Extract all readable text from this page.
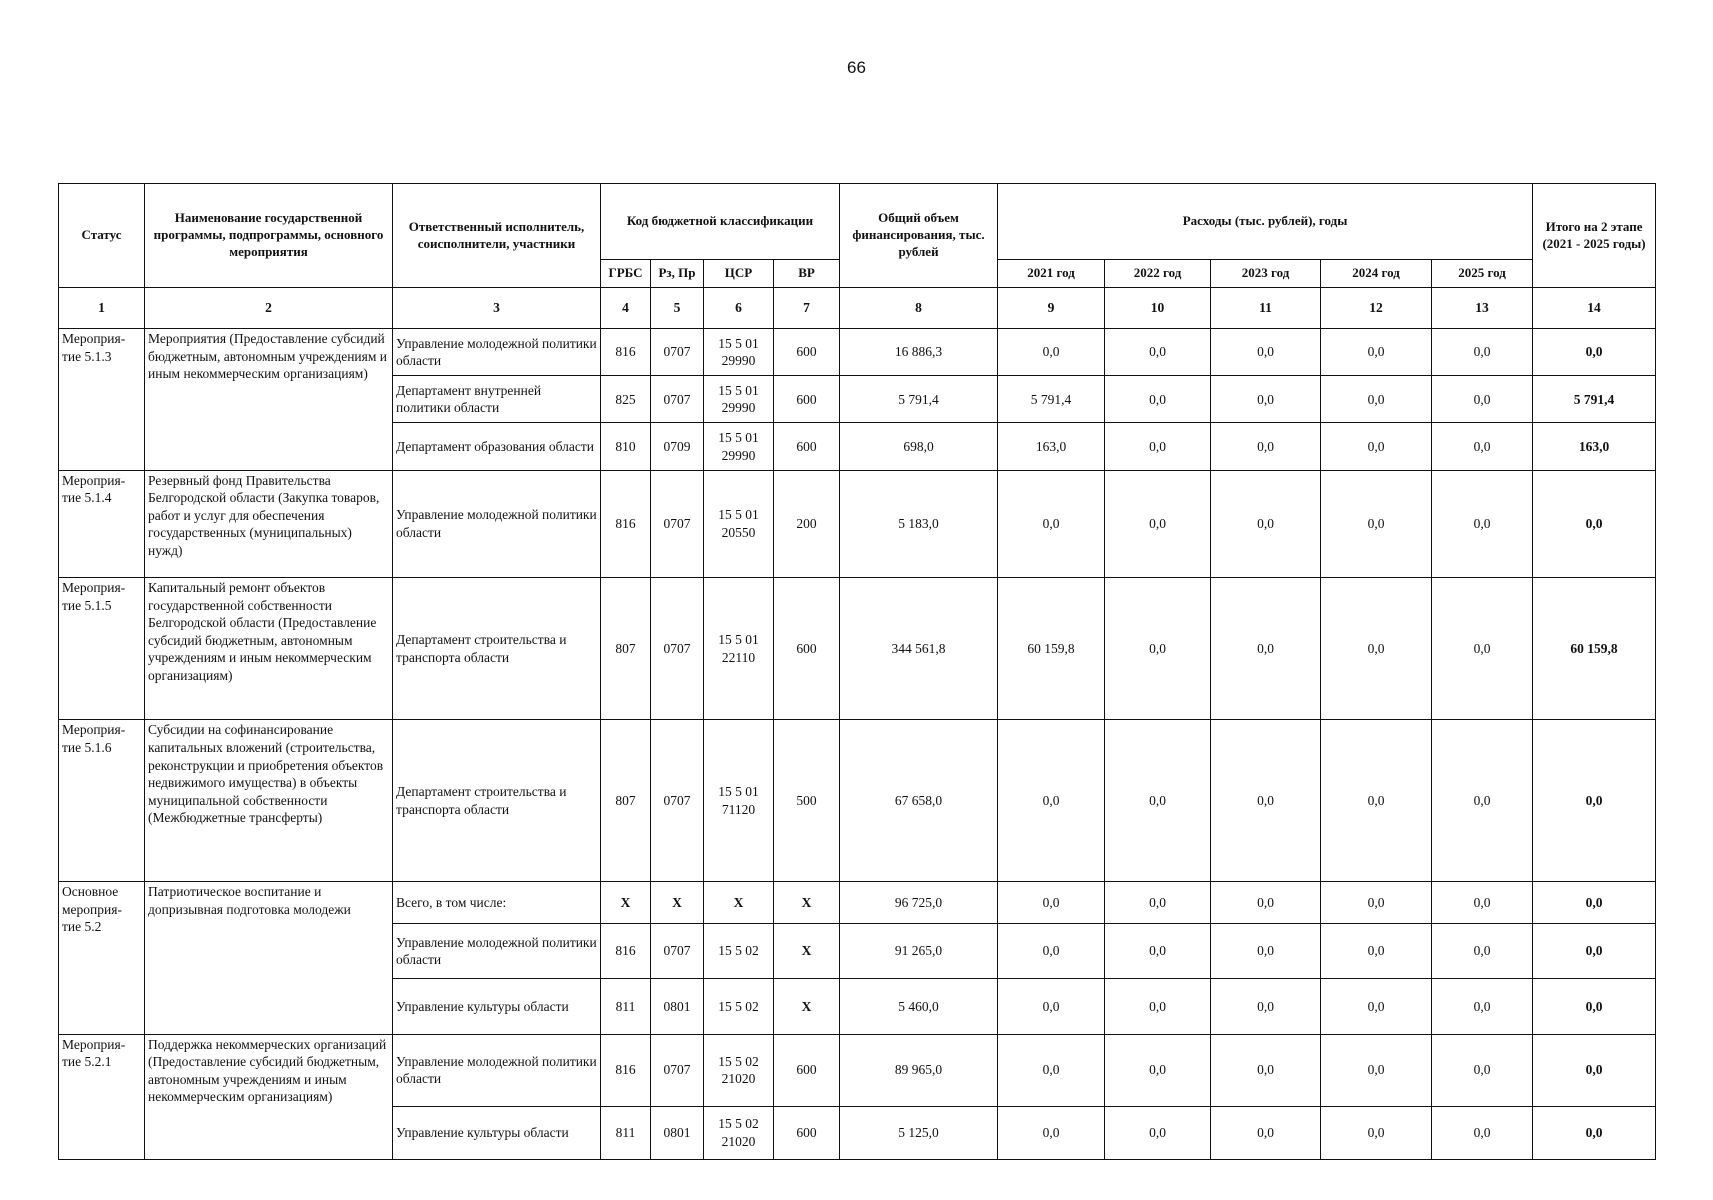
66
Статус	Наименование государственной программы, подпрограммы, основного мероприятия	Ответственный исполнитель, соисполнители, участники	Код бюджетной классификации				Общий объем финансирования, тыс. рублей	Расходы (тыс. рублей), годы					Итого на 2 этапе (2021 - 2025 годы)
			ГРБС	Рз, Пр	ЦСР	ВР		2021 год	2022 год	2023 год	2024 год	2025 год	
1	2	3	4	5	6	7	8	9	10	11	12	13	14
Мероприя-тие 5.1.3	Мероприятия (Предоставление субсидий бюджетным, автономным учреждениям и иным некоммерческим организациям)	Управление молодежной политики области	816	0707	15 5 01 29990	600	16 886,3	0,0	0,0	0,0	0,0	0,0	0,0
		Департамент внутренней политики области	825	0707	15 5 01 29990	600	5 791,4	5 791,4	0,0	0,0	0,0	0,0	5 791,4
		Департамент образования области	810	0709	15 5 01 29990	600	698,0	163,0	0,0	0,0	0,0	0,0	163,0
Мероприя-тие 5.1.4	Резервный фонд Правительства Белгородской области (Закупка товаров, работ и услуг для обеспечения государственных (муниципальных) нужд)	Управление молодежной политики области	816	0707	15 5 01 20550	200	5 183,0	0,0	0,0	0,0	0,0	0,0	0,0
Мероприя-тие 5.1.5	Капитальный ремонт объектов государственной собственности Белгородской области (Предоставление субсидий бюджетным, автономным учреждениям и иным некоммерческим организациям)	Департамент строительства и транспорта области	807	0707	15 5 01 22110	600	344 561,8	60 159,8	0,0	0,0	0,0	0,0	60 159,8
Мероприя-тие 5.1.6	Субсидии на софинансирование капитальных вложений (строительства, реконструкции и приобретения объектов недвижимого имущества) в объекты муниципальной собственности (Межбюджетные трансферты)	Департамент строительства и транспорта области	807	0707	15 5 01 71120	500	67 658,0	0,0	0,0	0,0	0,0	0,0	0,0
Основное мероприя-тие 5.2	Патриотическое воспитание и допризывная подготовка молодежи	Всего, в том числе:	Х	Х	Х	Х	96 725,0	0,0	0,0	0,0	0,0	0,0	0,0
		Управление молодежной политики области	816	0707	15 5 02	Х	91 265,0	0,0	0,0	0,0	0,0	0,0	0,0
		Управление культуры области	811	0801	15 5 02	Х	5 460,0	0,0	0,0	0,0	0,0	0,0	0,0
Мероприя-тие 5.2.1	Поддержка некоммерческих организаций (Предоставление субсидий бюджетным, автономным учреждениям и иным некоммерческим организациям)	Управление молодежной политики области	816	0707	15 5 02 21020	600	89 965,0	0,0	0,0	0,0	0,0	0,0	0,0
		Управление культуры области	811	0801	15 5 02 21020	600	5 125,0	0,0	0,0	0,0	0,0	0,0	0,0
